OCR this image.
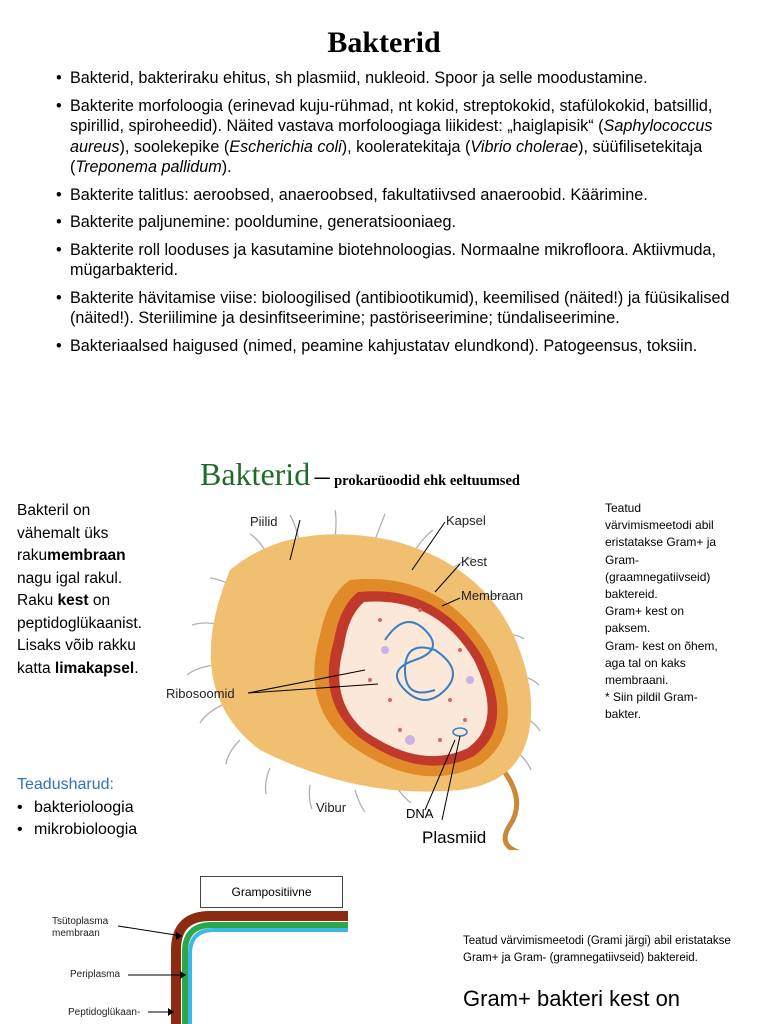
Bakterid
• Bakterid, bakteriraku ehitus, sh plasmiid, nukleoid. Spoor ja selle moodustamine.
• Bakterite morfoloogia (erinevad kuju-rühmad, nt kokid, streptokokid, stafülokokid, batsillid, spirillid, spiroheedid). Näited vastava morfoloogiaga liikidest: „haiglapisik“ (Saphylococcus aureus), soolekepike (Escherichia coli), kooleratekitaja (Vibrio cholerae), süüfilisetekitaja (Treponema pallidum).
• Bakterite talitlus: aeroobsed, anaeroobsed, fakultatiivsed anaeroobid. Käärimine.
• Bakterite paljunemine: pooldumine, generatsiooniaeg.
• Bakterite roll looduses ja kasutamine biotehnoloogias. Normaalne mikrofloora. Aktiivmuda, mügarbakterid.
• Bakterite hävitamise viise: bioloogilised (antibiootikumid), keemilised (näited!) ja füüsikalised (näited!). Steriilimine ja desinfitseerimine; pastöriseerimine; tündaliseerimine.
• Bakteriaalsed haigused (nimed, peamine kahjustatav elundkond). Patogeensus, toksiin.
Bakterid – prokarüoodid ehk eeltuumsed
Bakteril on
vähemalt üks
rakumembraan
nagu igal rakul.
Raku kest on
peptidoglükaanist.
Lisaks võib rakku
katta limakapsel.
Teadusharud:
• bakterioloogia
• mikrobioloogia
Teatud
värvimismeetodi abil
eristatakse Gram+ ja
Gram-
(graamnegatiivseid)
baktereid.
Gram+ kest on
paksem.
Gram- kest on õhem,
aga tal on kaks
membraani.
* Siin pildil Gram-
bakter.
Piilid	Kapsel
Kest
Membraan
Ribosoomid
Vibur	DNA
Plasmiid
Grampositiivne
Tsütoplasma membraan
Periplasma
Peptidoglükaan-
Teatud värvimismeetodi (Grami järgi) abil eristatakse Gram+ ja Gram- (gramnegatiivseid) baktereid.
Gram+ bakteri kest on
